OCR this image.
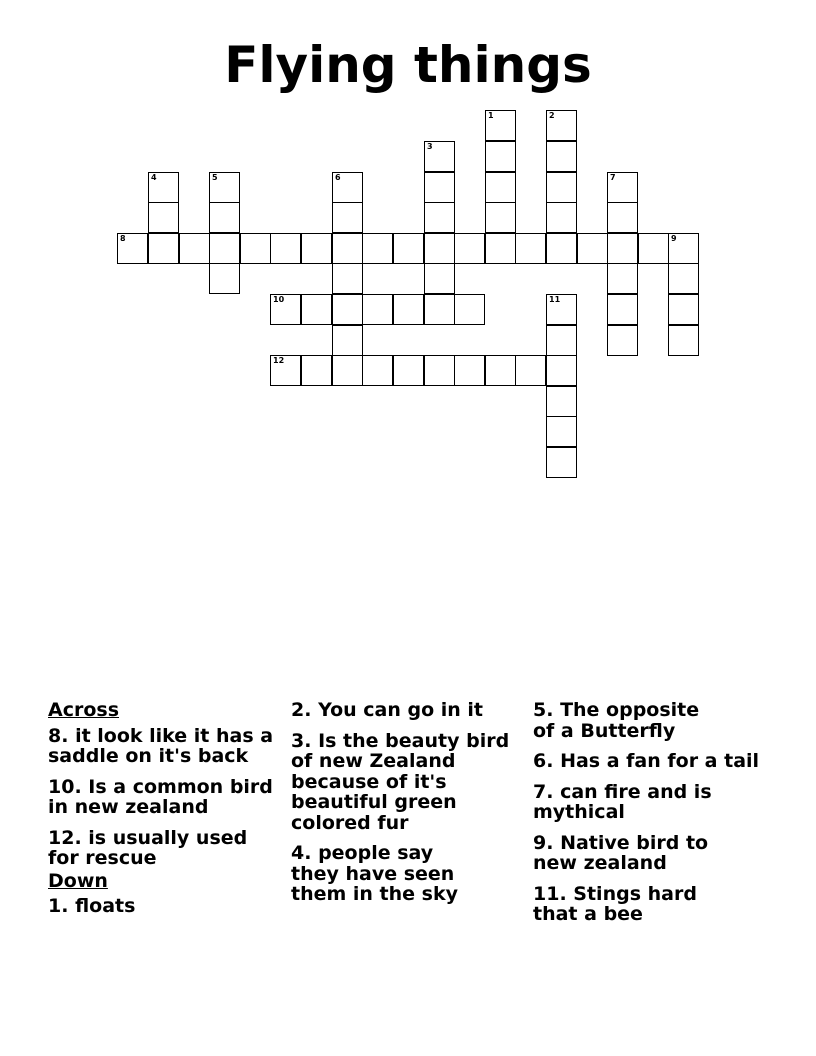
Flying things
1	2
3
4	5	6	7
8	9
10	11
12
Across
8. it look like it has a saddle on it's back
10. Is a common bird in new zealand
12. is usually used for rescue
Down
1. floats
2. You can go in it
3. Is the beauty bird of new Zealand because of it's beautiful green colored fur
4. people say they have seen them in the sky
5. The opposite of a Butterfly
6. Has a fan for a tail
7. can fire and is mythical
9. Native bird to new zealand
11. Stings hard that a bee
